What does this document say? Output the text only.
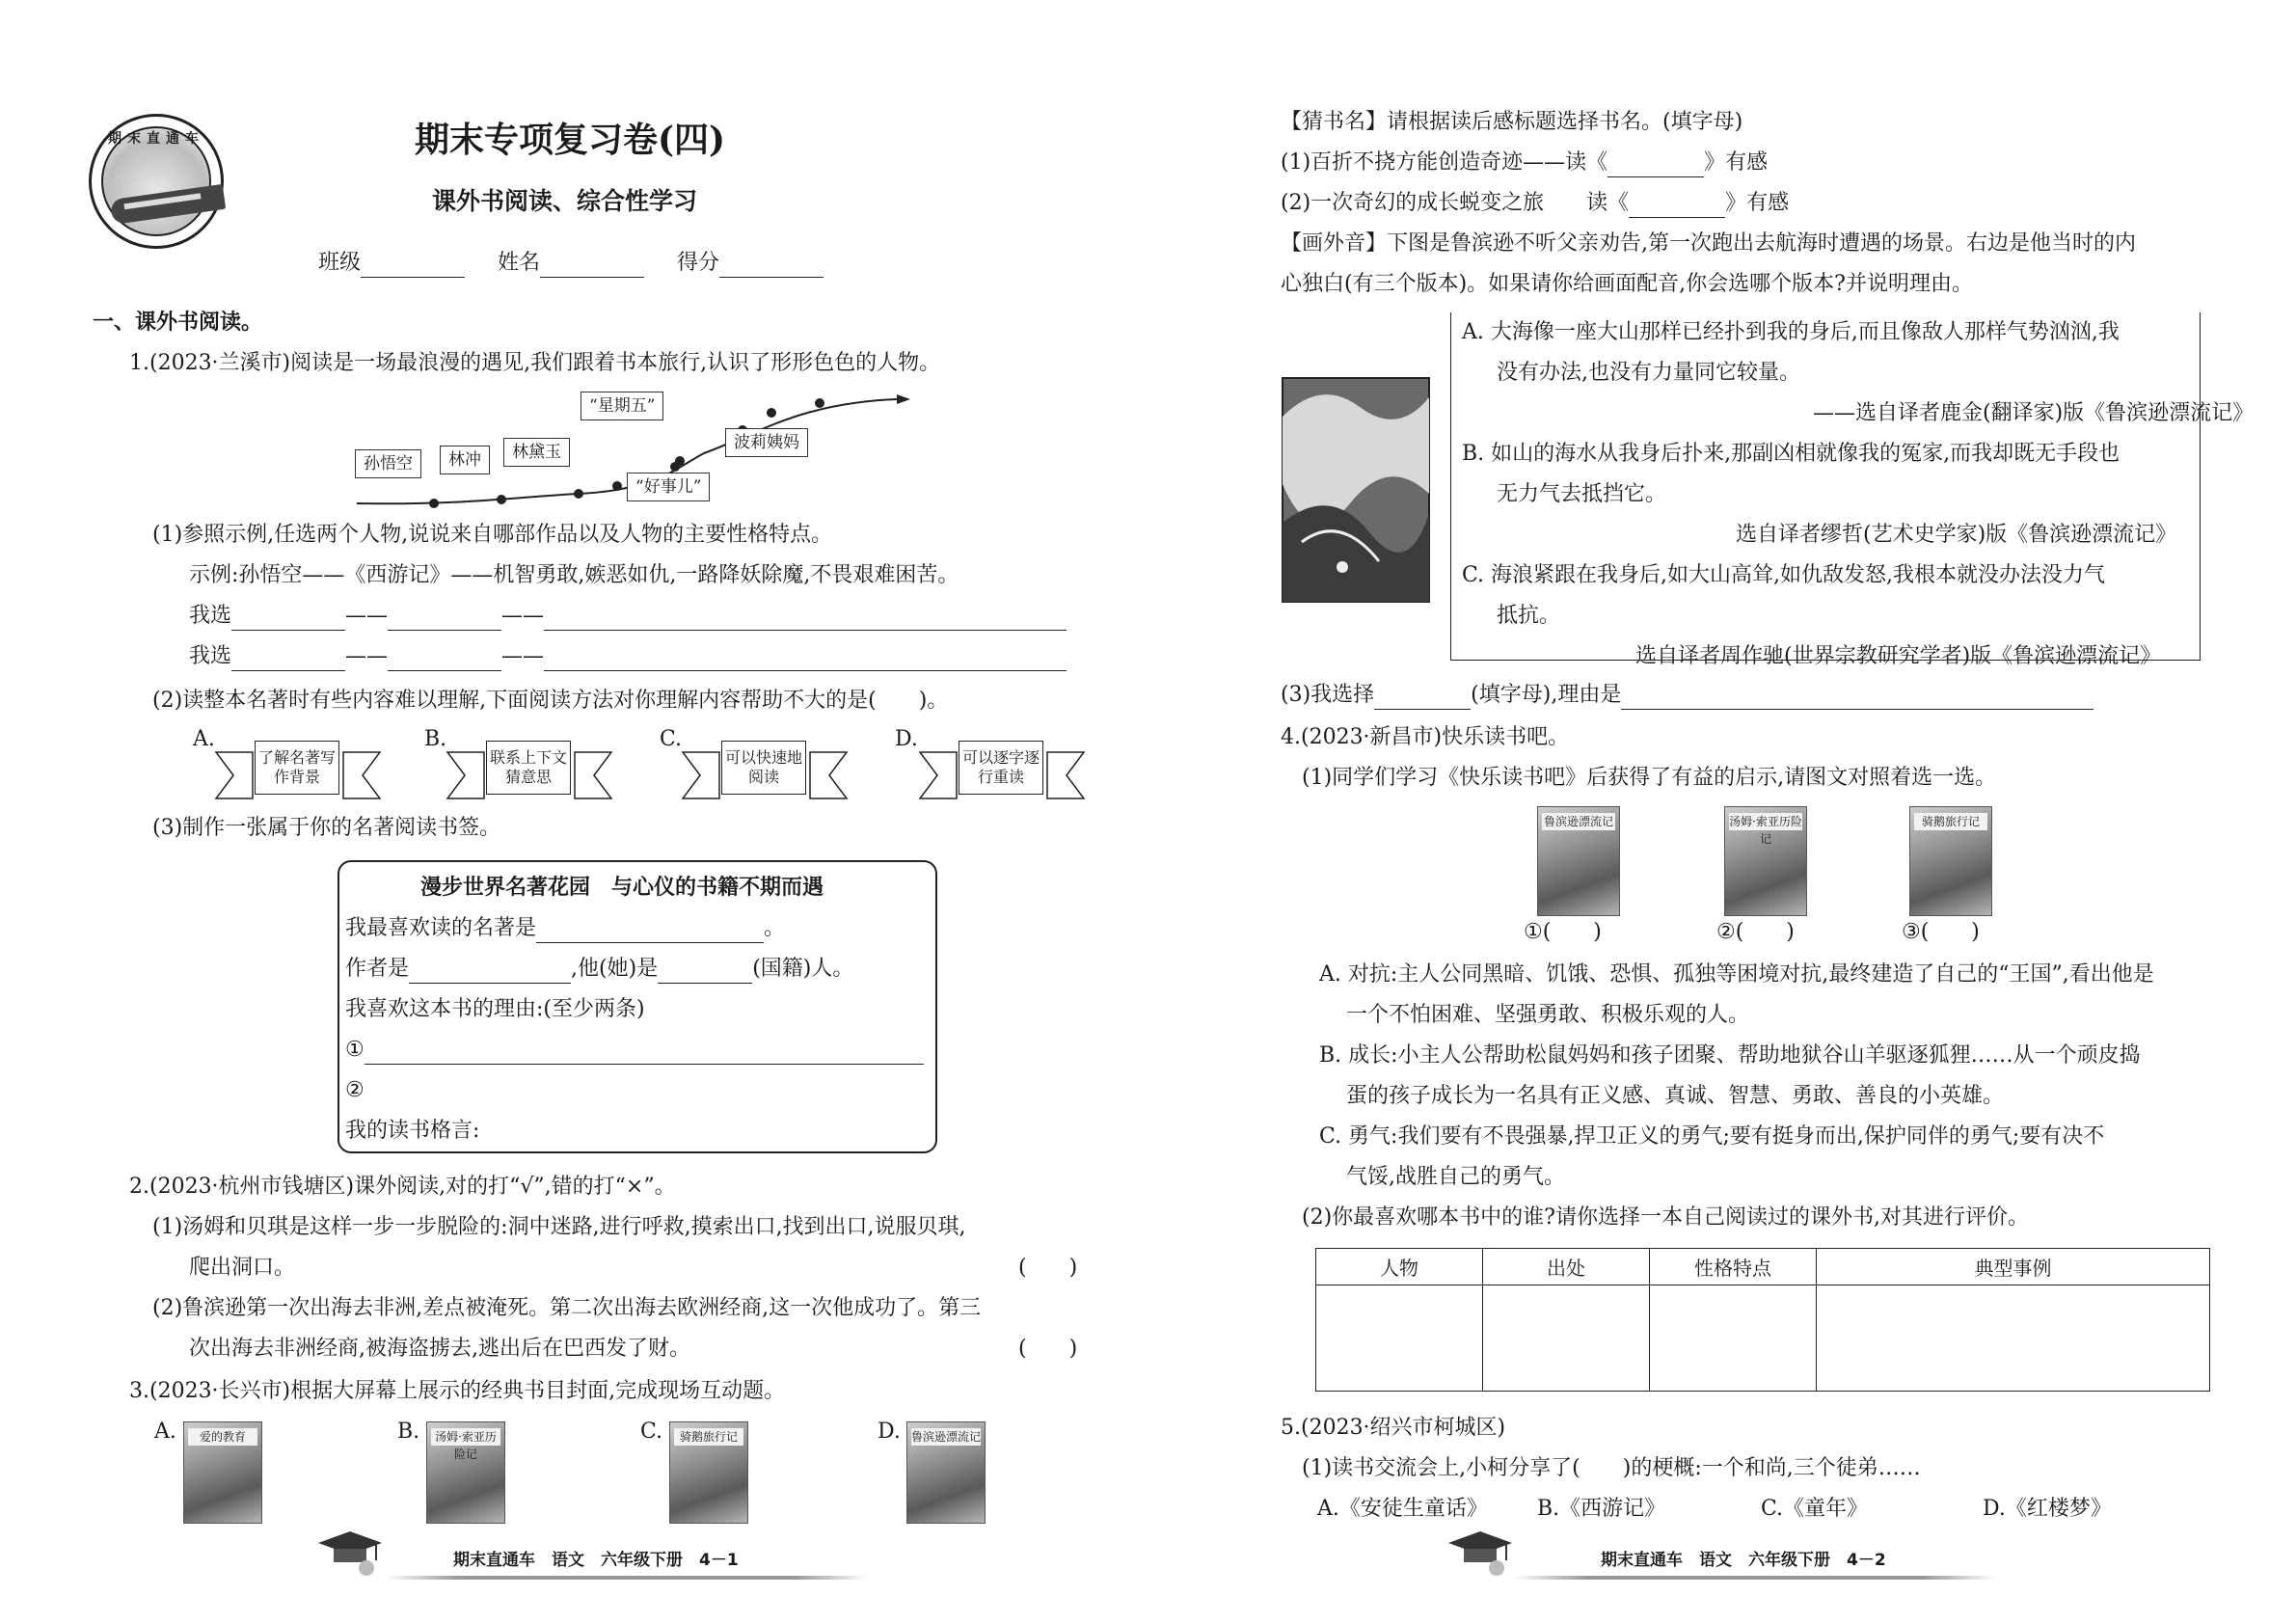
期末直通车	期末专项复习卷(四)
课外书阅读、综合性学习
班级	姓名	得分
一、课外书阅读。
1.(2023·兰溪市)阅读是一场最浪漫的遇见,我们跟着书本旅行,认识了形形色色的人物。
孙悟空	林冲	林黛玉
“好事儿”
“星期五”
波莉姨妈
(1)参照示例,任选两个人物,说说来自哪部作品以及人物的主要性格特点。
示例:孙悟空——《西游记》——机智勇敢,嫉恶如仇,一路降妖除魔,不畏艰难困苦。
我选	——	——
我选	——	——
(2)读整本名著时有些内容难以理解,下面阅读方法对你理解内容帮助不大的是(　　)。
A.
了解名著写作背景
B.
联系上下文猜意思
C.
可以快速地阅读
D.
可以逐字逐行重读
(3)制作一张属于你的名著阅读书签。
漫步世界名著花园　与心仪的书籍不期而遇
我最喜欢读的名著是	。
作者是	,他(她)是	(国籍)人。
我喜欢这本书的理由:(至少两条)
①
②
我的读书格言:
2.(2023·杭州市钱塘区)课外阅读,对的打“√”,错的打“×”。
(1)汤姆和贝琪是这样一步一步脱险的:洞中迷路,进行呼救,摸索出口,找到出口,说服贝琪,
爬出洞口。	(　　)
(2)鲁滨逊第一次出海去非洲,差点被淹死。第二次出海去欧洲经商,这一次他成功了。第三
次出海去非洲经商,被海盗掳去,逃出后在巴西发了财。	(　　)
3.(2023·长兴市)根据大屏幕上展示的经典书目封面,完成现场互动题。
A.	爱的教育	B.	汤姆·索亚历险记
C.	骑鹅旅行记	D. 鲁滨逊漂流记
期末直通车　语文　六年级下册　4－1
【猜书名】请根据读后感标题选择书名。(填字母)
(1)百折不挠方能创造奇迹——读《	》有感
(2)一次奇幻的成长蜕变之旅　　读《	》有感
【画外音】下图是鲁滨逊不听父亲劝告,第一次跑出去航海时遭遇的场景。右边是他当时的内
心独白(有三个版本)。如果请你给画面配音,你会选哪个版本?并说明理由。
A. 大海像一座大山那样已经扑到我的身后,而且像敌人那样气势汹汹,我
没有办法,也没有力量同它较量。
——选自译者鹿金(翻译家)版《鲁滨逊漂流记》
B. 如山的海水从我身后扑来,那副凶相就像我的冤家,而我却既无手段也
无力气去抵挡它。
选自译者缪哲(艺术史学家)版《鲁滨逊漂流记》
C. 海浪紧跟在我身后,如大山高耸,如仇敌发怒,我根本就没办法没力气
抵抗。
选自译者周作驰(世界宗教研究学者)版《鲁滨逊漂流记》
(3)我选择	(填字母),理由是
4.(2023·新昌市)快乐读书吧。
(1)同学们学习《快乐读书吧》后获得了有益的启示,请图文对照着选一选。
鲁滨逊漂流记	汤姆·索亚历险记
骑鹅旅行记
①(　　)	②(　　)	③(　　)
A. 对抗:主人公同黑暗、饥饿、恐惧、孤独等困境对抗,最终建造了自己的“王国”,看出他是
一个不怕困难、坚强勇敢、积极乐观的人。
B. 成长:小主人公帮助松鼠妈妈和孩子团聚、帮助地狱谷山羊驱逐狐狸……从一个顽皮捣
蛋的孩子成长为一名具有正义感、真诚、智慧、勇敢、善良的小英雄。
C. 勇气:我们要有不畏强暴,捍卫正义的勇气;要有挺身而出,保护同伴的勇气;要有决不
气馁,战胜自己的勇气。
(2)你最喜欢哪本书中的谁?请你选择一本自己阅读过的课外书,对其进行评价。
人物	出处	性格特点	典型事例

5.(2023·绍兴市柯城区)
(1)读书交流会上,小柯分享了(　　)的梗概:一个和尚,三个徒弟……
A.《安徒生童话》 B.《西游记》	C.《童年》	D.《红楼梦》
期末直通车　语文　六年级下册　4－2
